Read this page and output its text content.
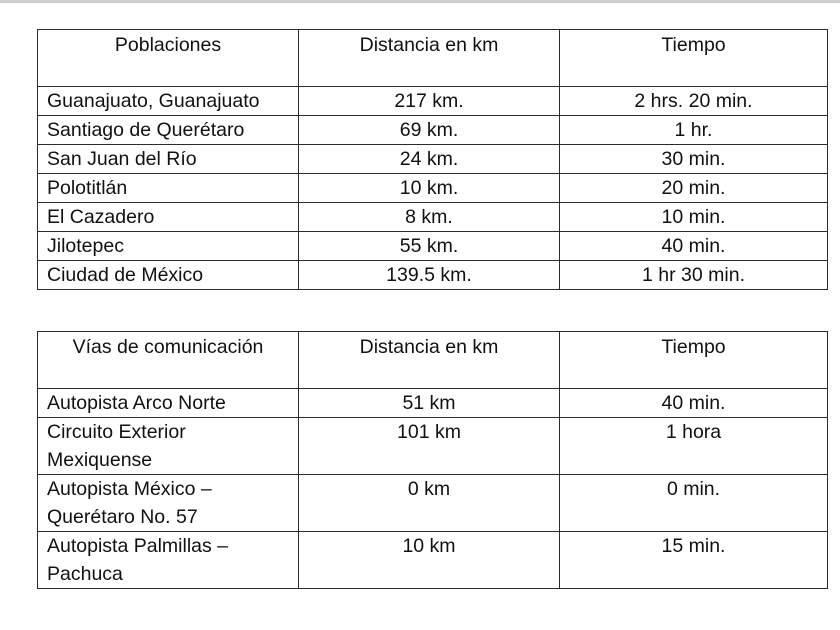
Poblaciones	Distancia en km	Tiempo
Guanajuato, Guanajuato	217 km.	2 hrs. 20 min.
Santiago de Querétaro	69 km.	1 hr.
San Juan del Río	24 km.	30 min.
Polotitlán	10 km.	20 min.
El Cazadero	8 km.	10 min.
Jilotepec	55 km.	40 min.
Ciudad de México	139.5 km.	1 hr 30 min.
Vías de comunicación	Distancia en km	Tiempo
Autopista Arco Norte	51 km	40 min.
Circuito Exterior Mexiquense	101 km	1 hora
Autopista México – Querétaro No. 57	0 km	0 min.
Autopista Palmillas – Pachuca	10 km	15 min.
